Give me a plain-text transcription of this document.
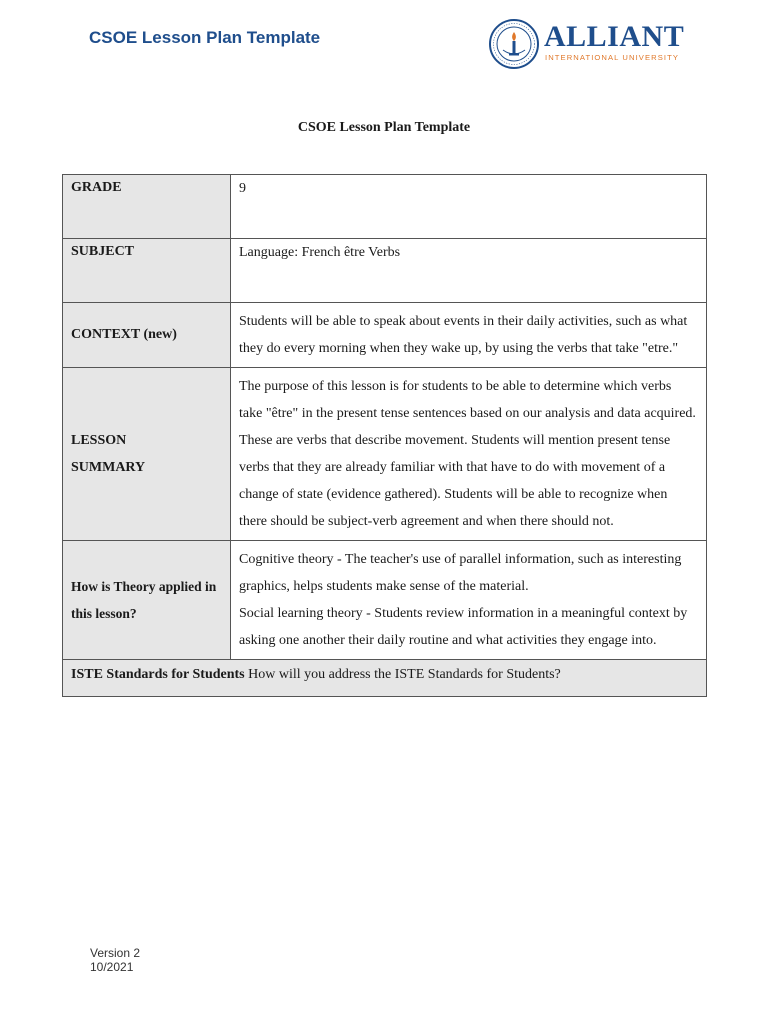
CSOE Lesson Plan Template	ALLIANT
INTERNATIONAL UNIVERSITY
CSOE Lesson Plan Template
GRADE	9
SUBJECT	Language: French être Verbs
CONTEXT (new)	Students will be able to speak about events in their daily activities, such as what they do every morning when they wake up, by using the verbs that take "etre."
LESSON
SUMMARY	The purpose of this lesson is for students to be able to determine which verbs take "être" in the present tense sentences based on our analysis and data acquired. These are verbs that describe movement. Students will mention present tense verbs that they are already familiar with that have to do with movement of a change of state (evidence gathered). Students will be able to recognize when there should be subject-verb agreement and when there should not.
How is Theory applied in this lesson?	Cognitive theory - The teacher's use of parallel information, such as interesting graphics, helps students make sense of the material.

Social learning theory - Students review information in a meaningful context by asking one another their daily routine and what activities they engage into.

ISTE Standards for Students How will you address the ISTE Standards for Students?	
Version 2
10/2021
